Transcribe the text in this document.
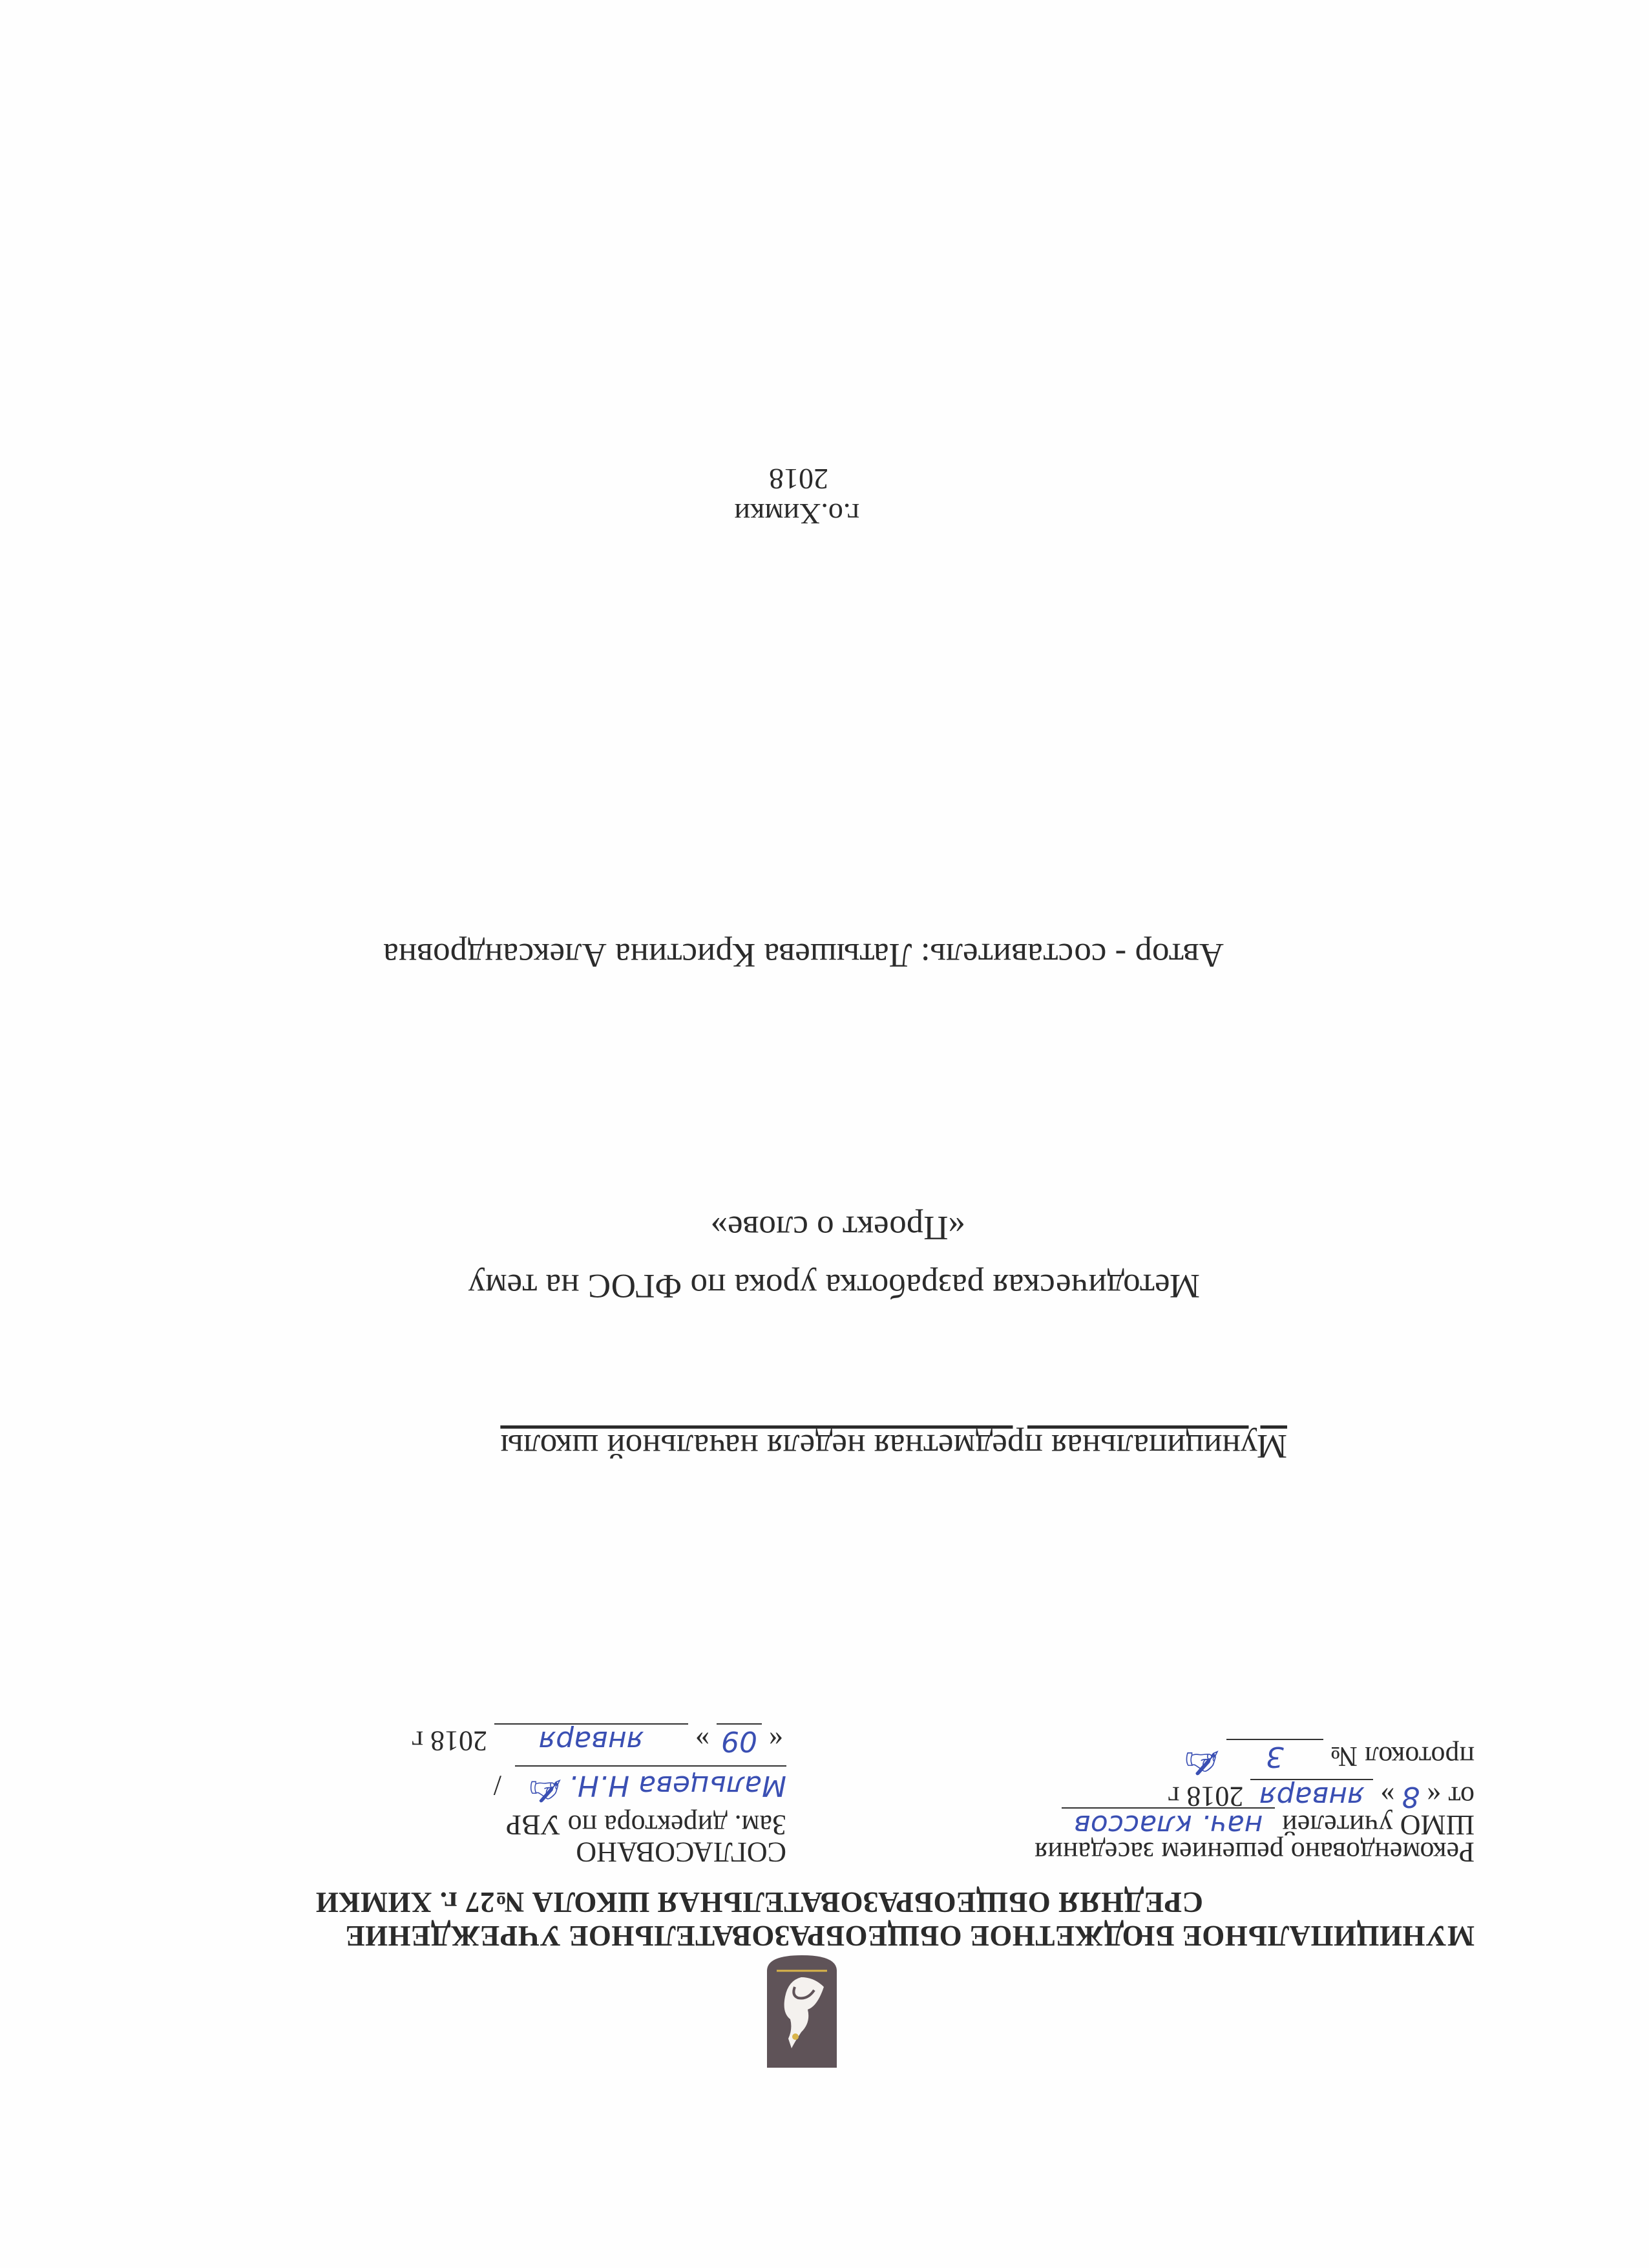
МУНИЦИПАЛЬНОЕ БЮДЖЕТНОЕ ОБЩЕОБРАЗОВАТЕЛЬНОЕ УЧРЕЖДЕНИЕ
СРЕДНЯЯ ОБЩЕОБРАЗОВАТЕЛЬНАЯ ШКОЛА №27 г. ХИМКИ
Рекомендовано решением заседания
ШМО учителей нач. классов
от « 8 » января 2018 г
протокол № 3 ✍
СОГЛАСОВАНО
Зам. директора по УВР
Мальцева Н.Н. ✍ /
« 09 » января 2018 г
Муниципальная предметная неделя начальной школы
Методическая разработка урока по ФГОС на тему
«Проект о слове»
Автор - составитель: Латышева Кристина Александровна
г.о.Химки
2018
